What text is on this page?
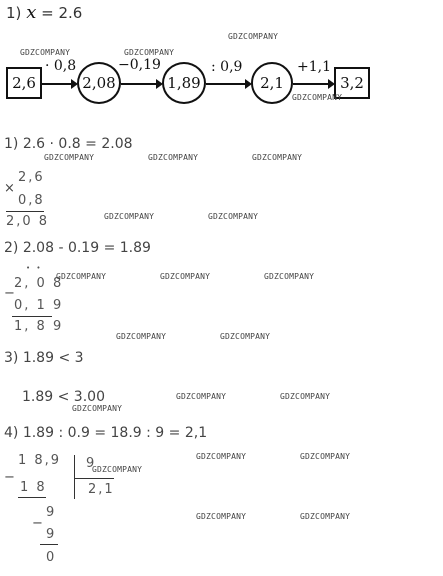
1) x = 2.6
2,6
· 0,8
2,08
−0,19
1,89
: 0,9
2,1
+1,1
3,2
1) 2.6 · 0.8 = 2.08
×
2,6
0,8
2,0 8
2) 2.08 - 0.19 = 1.89
• •
−
2, 0 8
0, 1 9
1, 8 9
3) 1.89 < 3
1.89 < 3.00
4) 1.89 : 0.9 = 18.9 : 9 = 2,1
−
1 8,9 9
2,1
1 8
−
9
9
0
GDZCOMPANY
GDZCOMPANY	GDZCOMPANY
GDZCOMPANY
GDZCOMPANY	GDZCOMPANY	GDZCOMPANY
GDZCOMPANY	GDZCOMPANY
GDZCOMPANY	GDZCOMPANY	GDZCOMPANY
GDZCOMPANY	GDZCOMPANY
GDZCOMPANY	GDZCOMPANY
GDZCOMPANY
GDZCOMPANY	GDZCOMPANY
GDZCOMPANY
GDZCOMPANY	GDZCOMPANY
